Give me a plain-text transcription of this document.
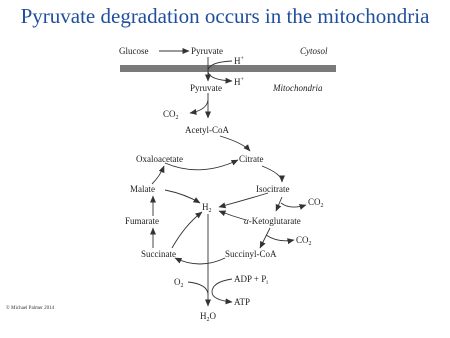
Pyruvate degradation occurs in the mitochondria
Glucose	Pyruvate	Cytosol
H+
H+
Pyruvate	Mitochondria
$CO_2$
Acetyl-CoA
Oxaloacetate	Citrate
Malate	Isocitrate
$CO_2$
$H_2$
Fumarate	α-Ketoglutarate
$CO_2$
Succinate	Succinyl-CoA
$O_2$
ADP + $P_i$
ATP
$H_2O$
© Michael Palmer 2014
